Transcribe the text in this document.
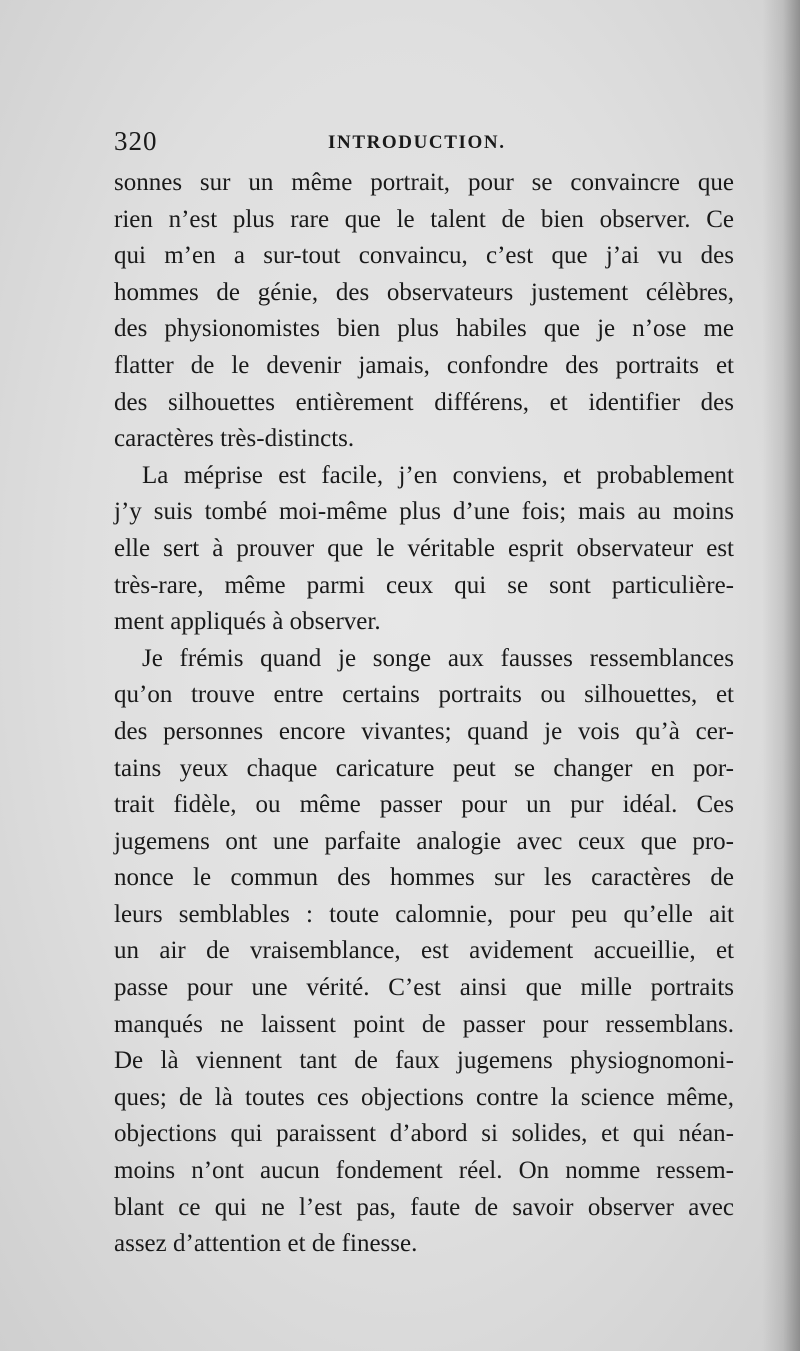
320	INTRODUCTION.
sonnes sur un même portrait, pour se convaincre que
rien n’est plus rare que le talent de bien observer. Ce
qui m’en a sur-tout convaincu, c’est que j’ai vu des
hommes de génie, des observateurs justement célèbres,
des physionomistes bien plus habiles que je n’ose me
flatter de le devenir jamais, confondre des portraits et
des silhouettes entièrement différens, et identifier des
caractères très-distincts.
La méprise est facile, j’en conviens, et probablement
j’y suis tombé moi-même plus d’une fois; mais au moins
elle sert à prouver que le véritable esprit observateur est
très-rare, même parmi ceux qui se sont particulière-
ment appliqués à observer.
Je frémis quand je songe aux fausses ressemblances
qu’on trouve entre certains portraits ou silhouettes, et
des personnes encore vivantes; quand je vois qu’à cer-
tains yeux chaque caricature peut se changer en por-
trait fidèle, ou même passer pour un pur idéal. Ces
jugemens ont une parfaite analogie avec ceux que pro-
nonce le commun des hommes sur les caractères de
leurs semblables : toute calomnie, pour peu qu’elle ait
un air de vraisemblance, est avidement accueillie, et
passe pour une vérité. C’est ainsi que mille portraits
manqués ne laissent point de passer pour ressemblans.
De là viennent tant de faux jugemens physiognomoni-
ques; de là toutes ces objections contre la science même,
objections qui paraissent d’abord si solides, et qui néan-
moins n’ont aucun fondement réel. On nomme ressem-
blant ce qui ne l’est pas, faute de savoir observer avec
assez d’attention et de finesse.
